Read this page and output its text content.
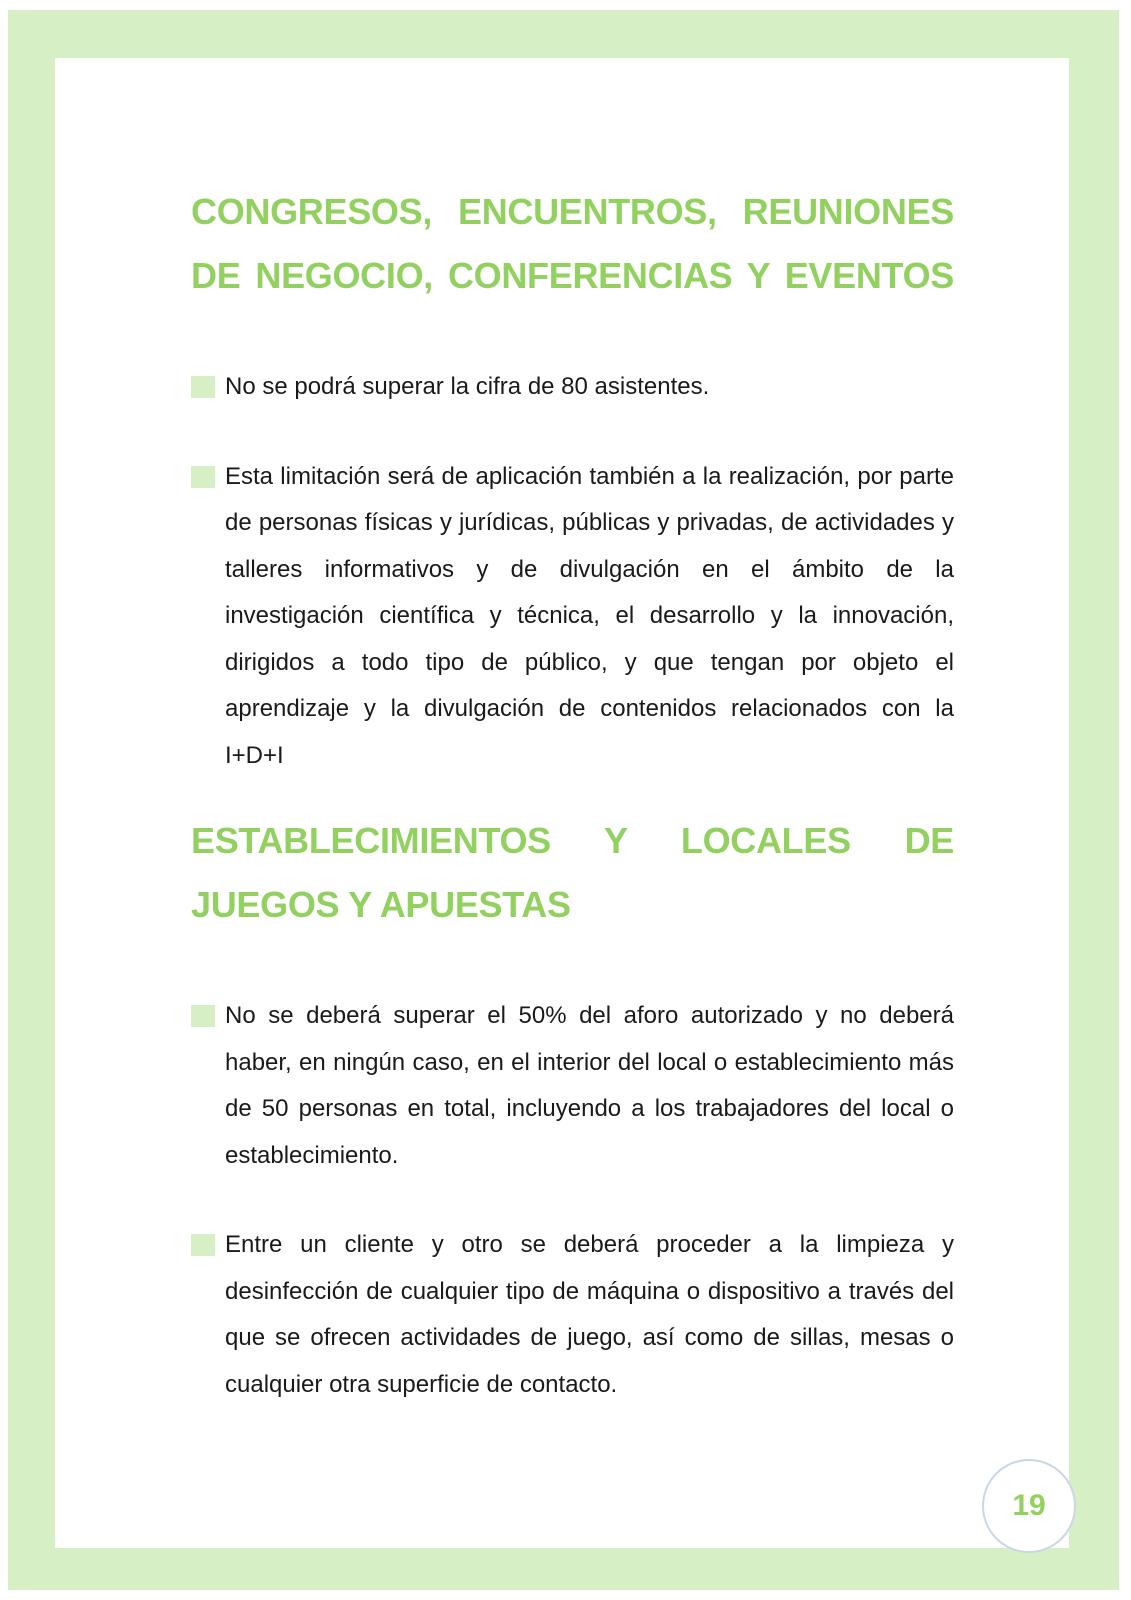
CONGRESOS, ENCUENTROS, REUNIONES
DE NEGOCIO, CONFERENCIAS Y EVENTOS
No se podrá superar la cifra de 80 asistentes.
Esta limitación será de aplicación también a la realización, por parte de personas físicas y jurídicas, públicas y privadas, de actividades y talleres informativos y de divulgación en el ámbito de la investigación científica y técnica, el desarrollo y la innovación, dirigidos a todo tipo de público, y que tengan por objeto el aprendizaje y la divulgación de contenidos relacionados con la I+D+I
ESTABLECIMIENTOS Y LOCALES DE
JUEGOS Y APUESTAS
No se deberá superar el 50% del aforo autorizado y no deberá haber, en ningún caso, en el interior del local o establecimiento más de 50 personas en total, incluyendo a los trabajadores del local o establecimiento.
Entre un cliente y otro se deberá proceder a la limpieza y desinfección de cualquier tipo de máquina o dispositivo a través del que se ofrecen actividades de juego, así como de sillas, mesas o cualquier otra superficie de contacto.
19
